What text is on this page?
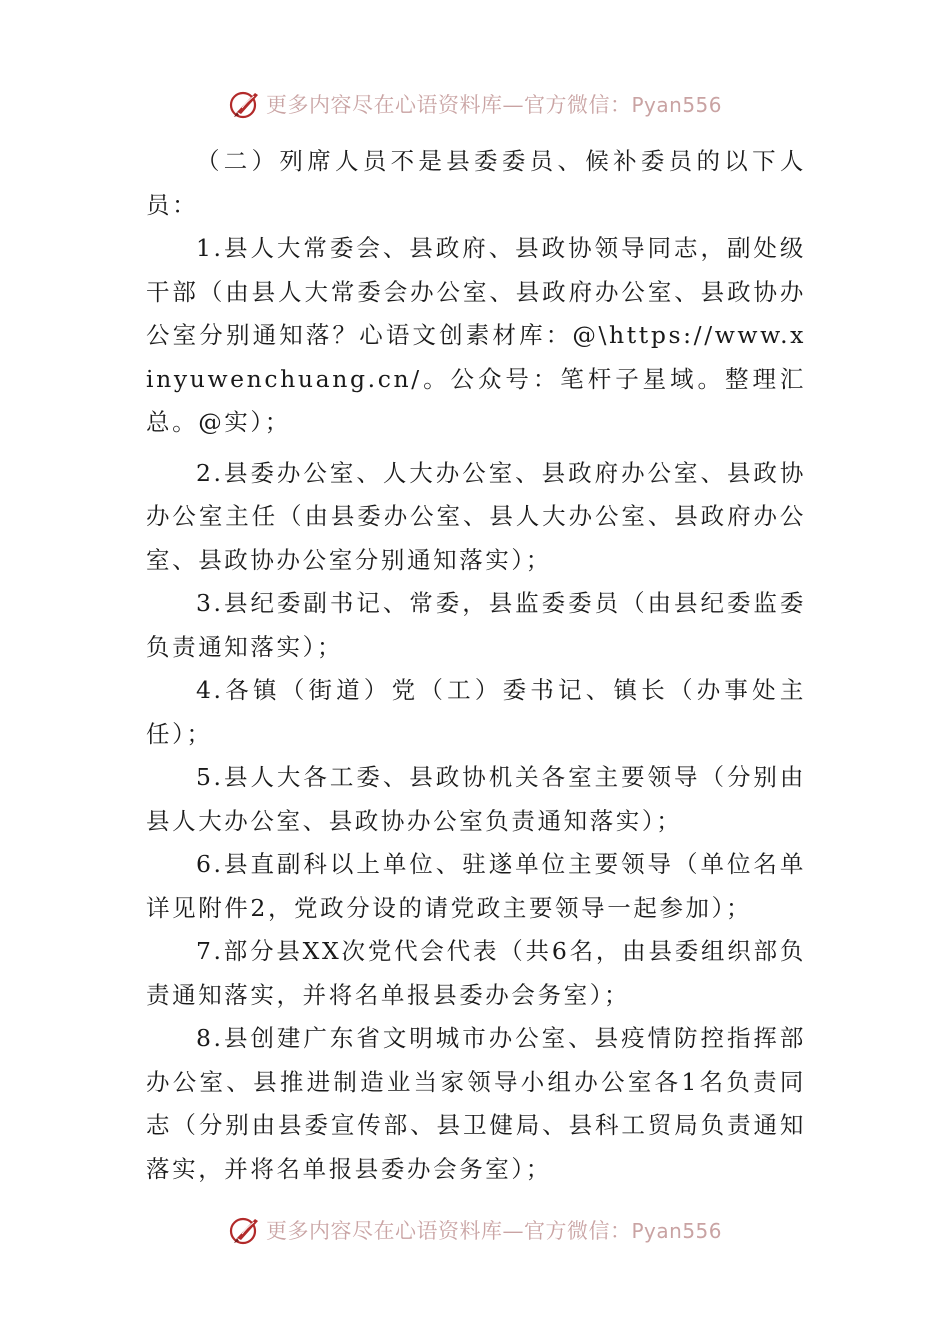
更多内容尽在心语资料库—官方微信：Pyan556

（二）列席人员不是县委委员、候补委员的以下人员：

1.县人大常委会、县政府、县政协领导同志，副处级干部（由县人大常委会办公室、县政府办公室、县政协办公室分别通知落？心语文创素材库：@\https://www.xinyuwenchuang.cn/。公众号：笔杆子星域。整理汇总。@实）；

2.县委办公室、人大办公室、县政府办公室、县政协办公室主任（由县委办公室、县人大办公室、县政府办公室、县政协办公室分别通知落实）；

3.县纪委副书记、常委，县监委委员（由县纪委监委负责通知落实）；

4.各镇（街道）党（工）委书记、镇长（办事处主任）；

5.县人大各工委、县政协机关各室主要领导（分别由县人大办公室、县政协办公室负责通知落实）；

6.县直副科以上单位、驻遂单位主要领导（单位名单详见附件2，党政分设的请党政主要领导一起参加）；

7.部分县XX次党代会代表（共6名，由县委组织部负责通知落实，并将名单报县委办会务室）；

8.县创建广东省文明城市办公室、县疫情防控指挥部办公室、县推进制造业当家领导小组办公室各1名负责同志（分别由县委宣传部、县卫健局、县科工贸局负责通知落实，并将名单报县委办会务室）；

更多内容尽在心语资料库—官方微信：Pyan556
